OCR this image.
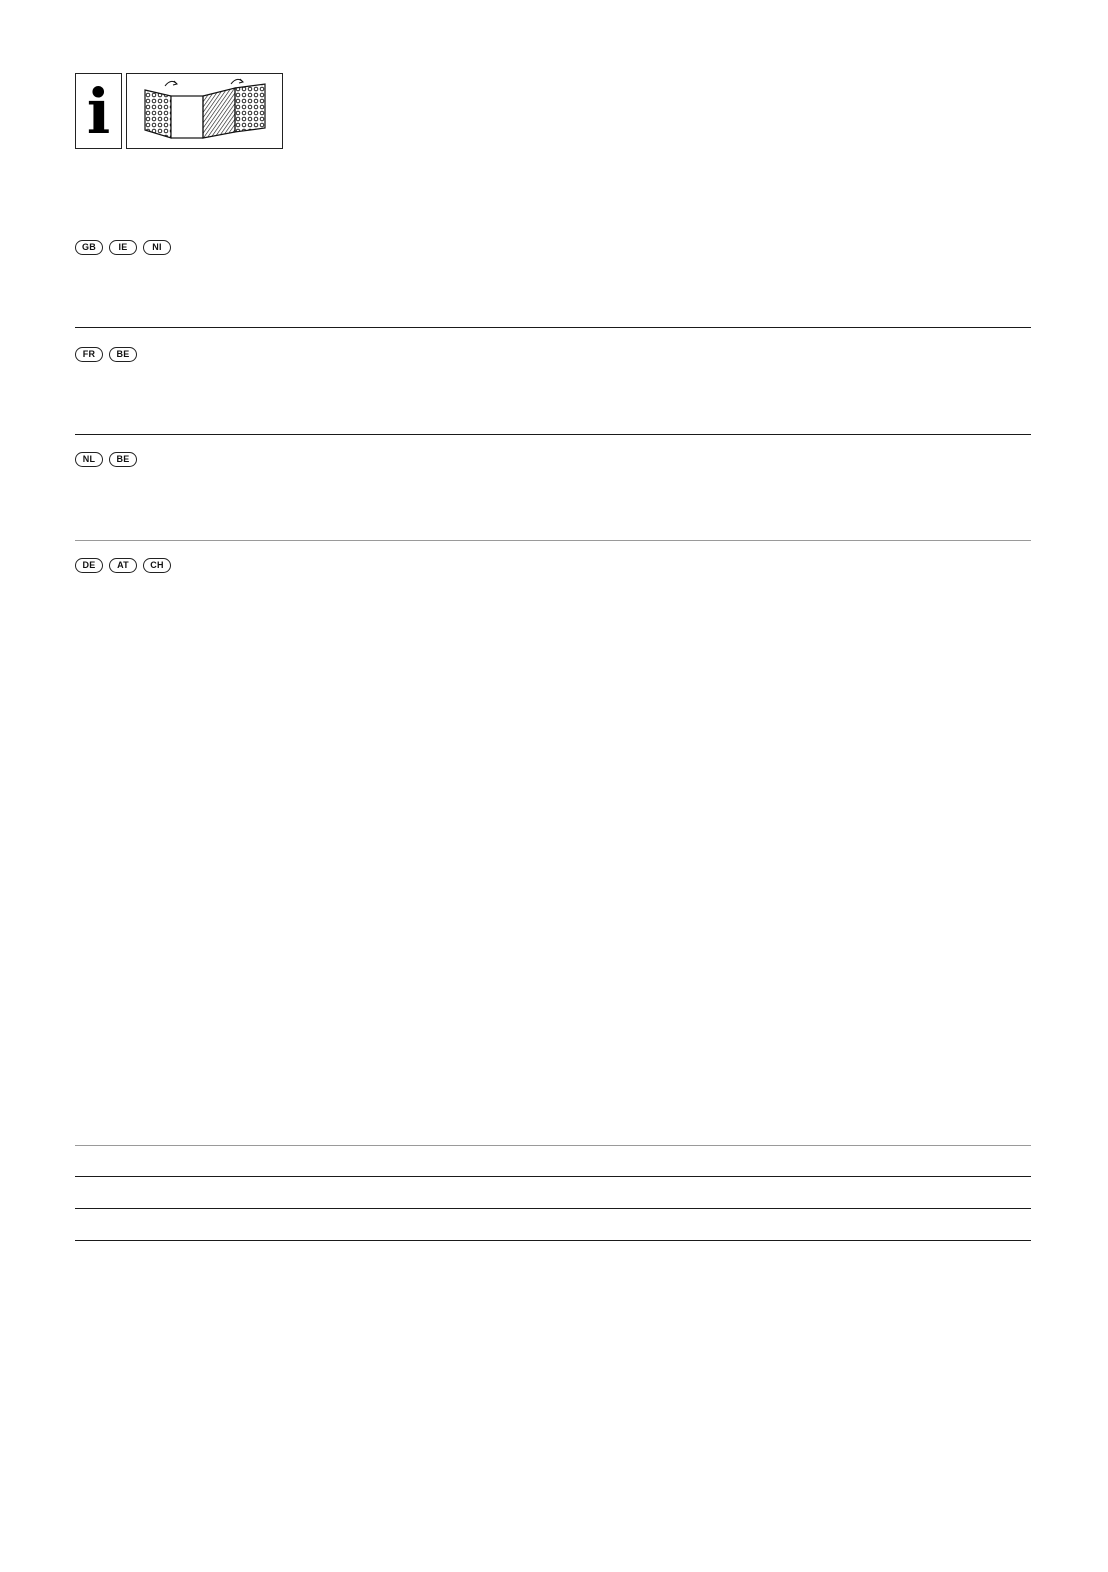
i
GB	IE	NI
FR	BE
NL	BE
DE	AT	CH
